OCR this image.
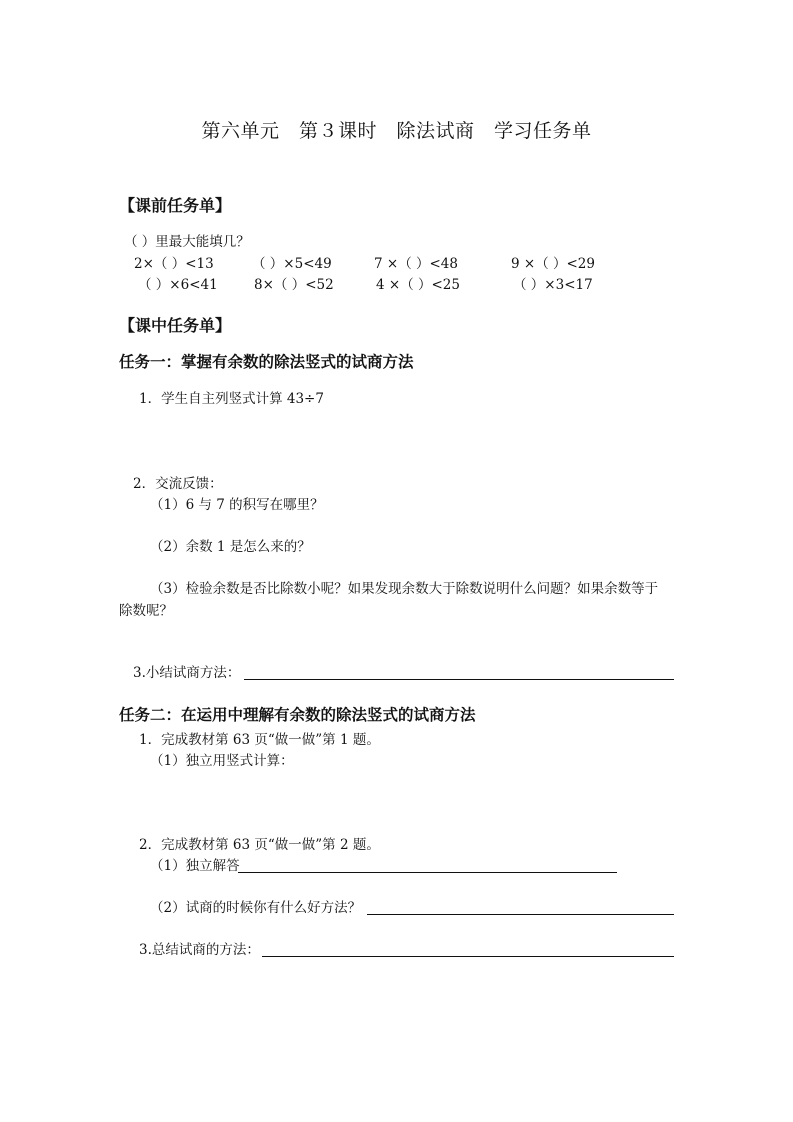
第六单元　第３课时　除法试商　学习任务单
【课前任务单】
（ ）里最大能填几？
2×（ ）<13	（ ）×5<49	7 ×（ ）<48	9 ×（ ）<29
（ ）×6<41	8×（ ）<52	4 ×（ ）<25	（ ）×3<17
【课中任务单】
任务一：掌握有余数的除法竖式的试商方法
1．学生自主列竖式计算 43÷7
2．交流反馈：
（1）6 与 7 的积写在哪里？
（2）余数 1 是怎么来的？
（3）检验余数是否比除数小呢？如果发现余数大于除数说明什么问题？如果余数等于
除数呢？
3.小结试商方法：
任务二：在运用中理解有余数的除法竖式的试商方法
1．完成教材第 63 页“做一做”第 1 题。
（1）独立用竖式计算：
2．完成教材第 63 页“做一做”第 2 题。
（1）独立解答
（2）试商的时候你有什么好方法？
3.总结试商的方法：
